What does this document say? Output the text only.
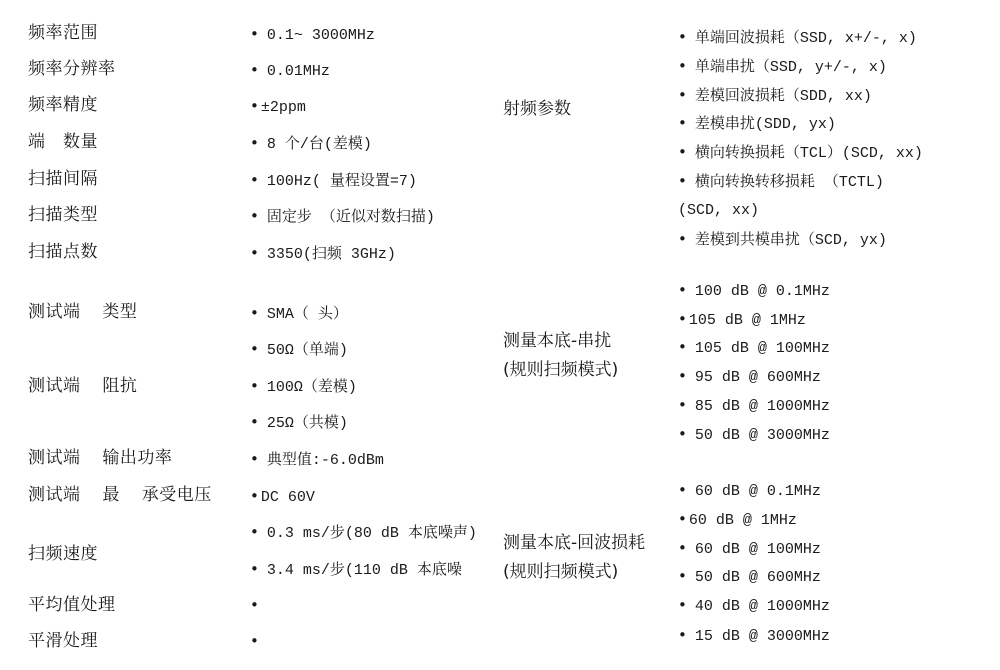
频率范围
频率分辨率
频率精度
端　数量
扫描间隔
扫描类型
扫描点数
测试端 类型
测试端 阻抗
测试端 输出功率
测试端 最 承受电压
扫频速度
平均值处理
平滑处理
• 0.1~ 3000MHz
• 0.01MHz
• ±2ppm
• 8 个/台(差模)
• 100Hz( 量程设置=7)
• 固定步 （近似对数扫描)
• 3350(扫频 3GHz)
• SMA（ 头）
• 50Ω（单端)
• 100Ω（差模)
• 25Ω（共模)
• 典型值:-6.0dBm
• DC 60V
• 0.3 ms/步(80 dB 本底噪声)
• 3.4 ms/步(110 dB 本底噪
•
•
射频参数
测量本底-串扰
(规则扫频模式)
测量本底-回波损耗
(规则扫频模式)
• 单端回波损耗（SSD, x+/-, x)
• 单端串扰（SSD, y+/-, x)
• 差模回波损耗（SDD, xx)
• 差模串扰(SDD, yx)
• 横向转换损耗（TCL）(SCD, xx)
• 横向转换转移损耗 （TCTL)
(SCD, xx)
• 差模到共模串扰（SCD, yx)
• 100 dB @ 0.1MHz
• 105 dB @ 1MHz
• 105 dB @ 100MHz
• 95 dB @ 600MHz
• 85 dB @ 1000MHz
• 50 dB @ 3000MHz
• 60 dB @ 0.1MHz
• 60 dB @ 1MHz
• 60 dB @ 100MHz
• 50 dB @ 600MHz
• 40 dB @ 1000MHz
• 15 dB @ 3000MHz
